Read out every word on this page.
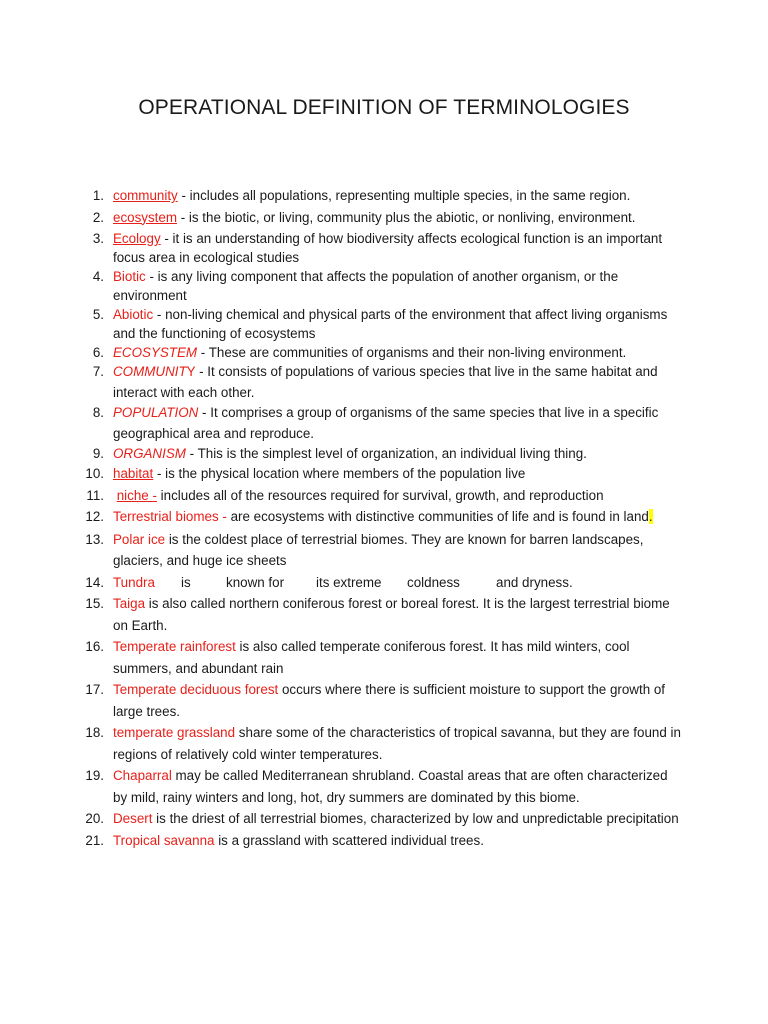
OPERATIONAL DEFINITION OF TERMINOLOGIES
1. community - includes all populations, representing multiple species, in the same region.
2. ecosystem - is the biotic, or living, community plus the abiotic, or nonliving, environment.
3. Ecology - it is an understanding of how biodiversity affects ecological function is an important focus area in ecological studies
4. Biotic - is any living component that affects the population of another organism, or the environment
5. Abiotic - non-living chemical and physical parts of the environment that affect living organisms and the functioning of ecosystems
6. ECOSYSTEM - These are communities of organisms and their non-living environment.
7. COMMUNITY - It consists of populations of various species that live in the same habitat and interact with each other.
8. POPULATION - It comprises a group of organisms of the same species that live in a specific geographical area and reproduce.
9. ORGANISM - This is the simplest level of organization, an individual living thing.
10. habitat - is the physical location where members of the population live
11. niche - includes all of the resources required for survival, growth, and reproduction
12. Terrestrial biomes - are ecosystems with distinctive communities of life and is found in land.
13. Polar ice is the coldest place of terrestrial biomes. They are known for barren landscapes, glaciers, and huge ice sheets
14. Tundra is	known for its extreme coldness	and dryness.
15. Taiga is also called northern coniferous forest or boreal forest. It is the largest terrestrial biome on Earth.
16. Temperate rainforest is also called temperate coniferous forest. It has mild winters, cool summers, and abundant rain
17. Temperate deciduous forest occurs where there is sufficient moisture to support the growth of large trees.
18. temperate grassland share some of the characteristics of tropical savanna, but they are found in regions of relatively cold winter temperatures.
19. Chaparral may be called Mediterranean shrubland. Coastal areas that are often characterized by mild, rainy winters and long, hot, dry summers are dominated by this biome.
20. Desert is the driest of all terrestrial biomes, characterized by low and unpredictable precipitation
21. Tropical savanna is a grassland with scattered individual trees.
